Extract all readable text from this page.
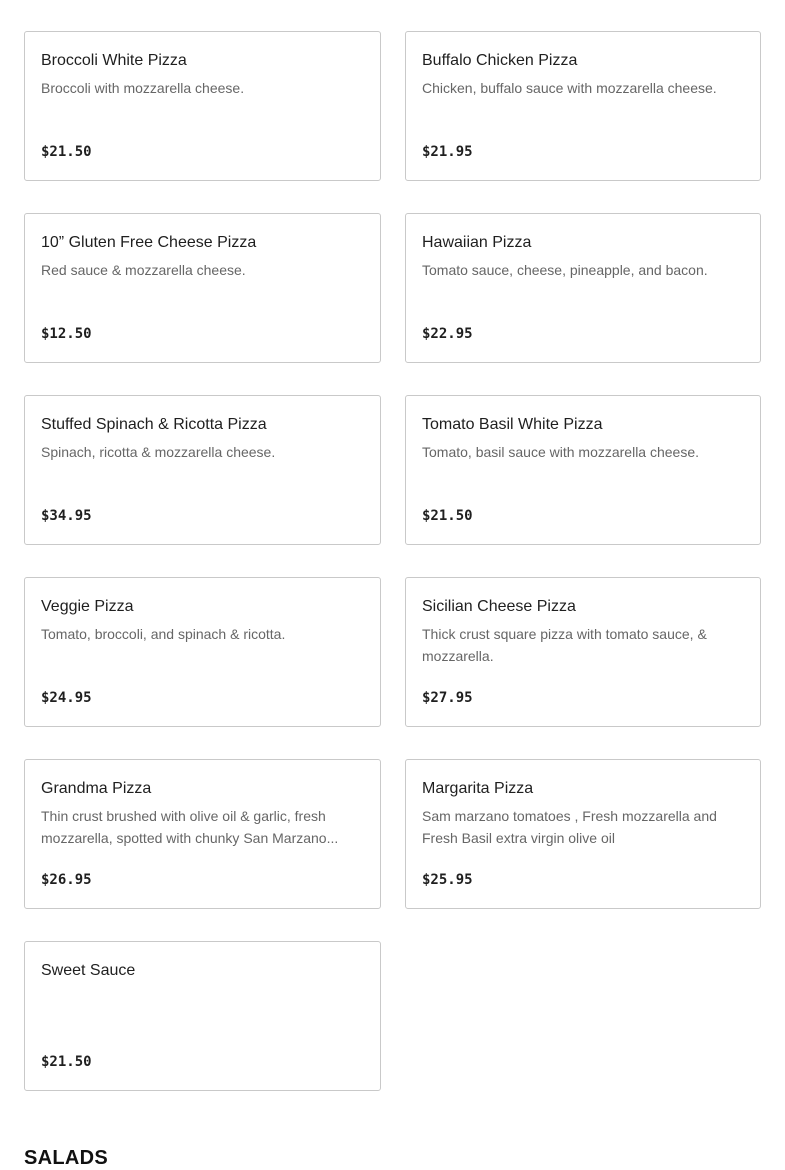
Broccoli White Pizza
Broccoli with mozzarella cheese.
$21.50
Buffalo Chicken Pizza
Chicken, buffalo sauce with mozzarella cheese.
$21.95
10” Gluten Free Cheese Pizza
Red sauce & mozzarella cheese.
$12.50
Hawaiian Pizza
Tomato sauce, cheese, pineapple, and bacon.
$22.95
Stuffed Spinach & Ricotta Pizza
Spinach, ricotta & mozzarella cheese.
$34.95
Tomato Basil White Pizza
Tomato, basil sauce with mozzarella cheese.
$21.50
Veggie Pizza
Tomato, broccoli, and spinach & ricotta.
$24.95
Sicilian Cheese Pizza
Thick crust square pizza with tomato sauce, & mozzarella.
$27.95
Grandma Pizza
Thin crust brushed with olive oil & garlic, fresh mozzarella, spotted with chunky San Marzano...
$26.95
Margarita Pizza
Sam marzano tomatoes , Fresh mozzarella and Fresh Basil extra virgin olive oil
$25.95
Sweet Sauce
$21.50
SALADS
